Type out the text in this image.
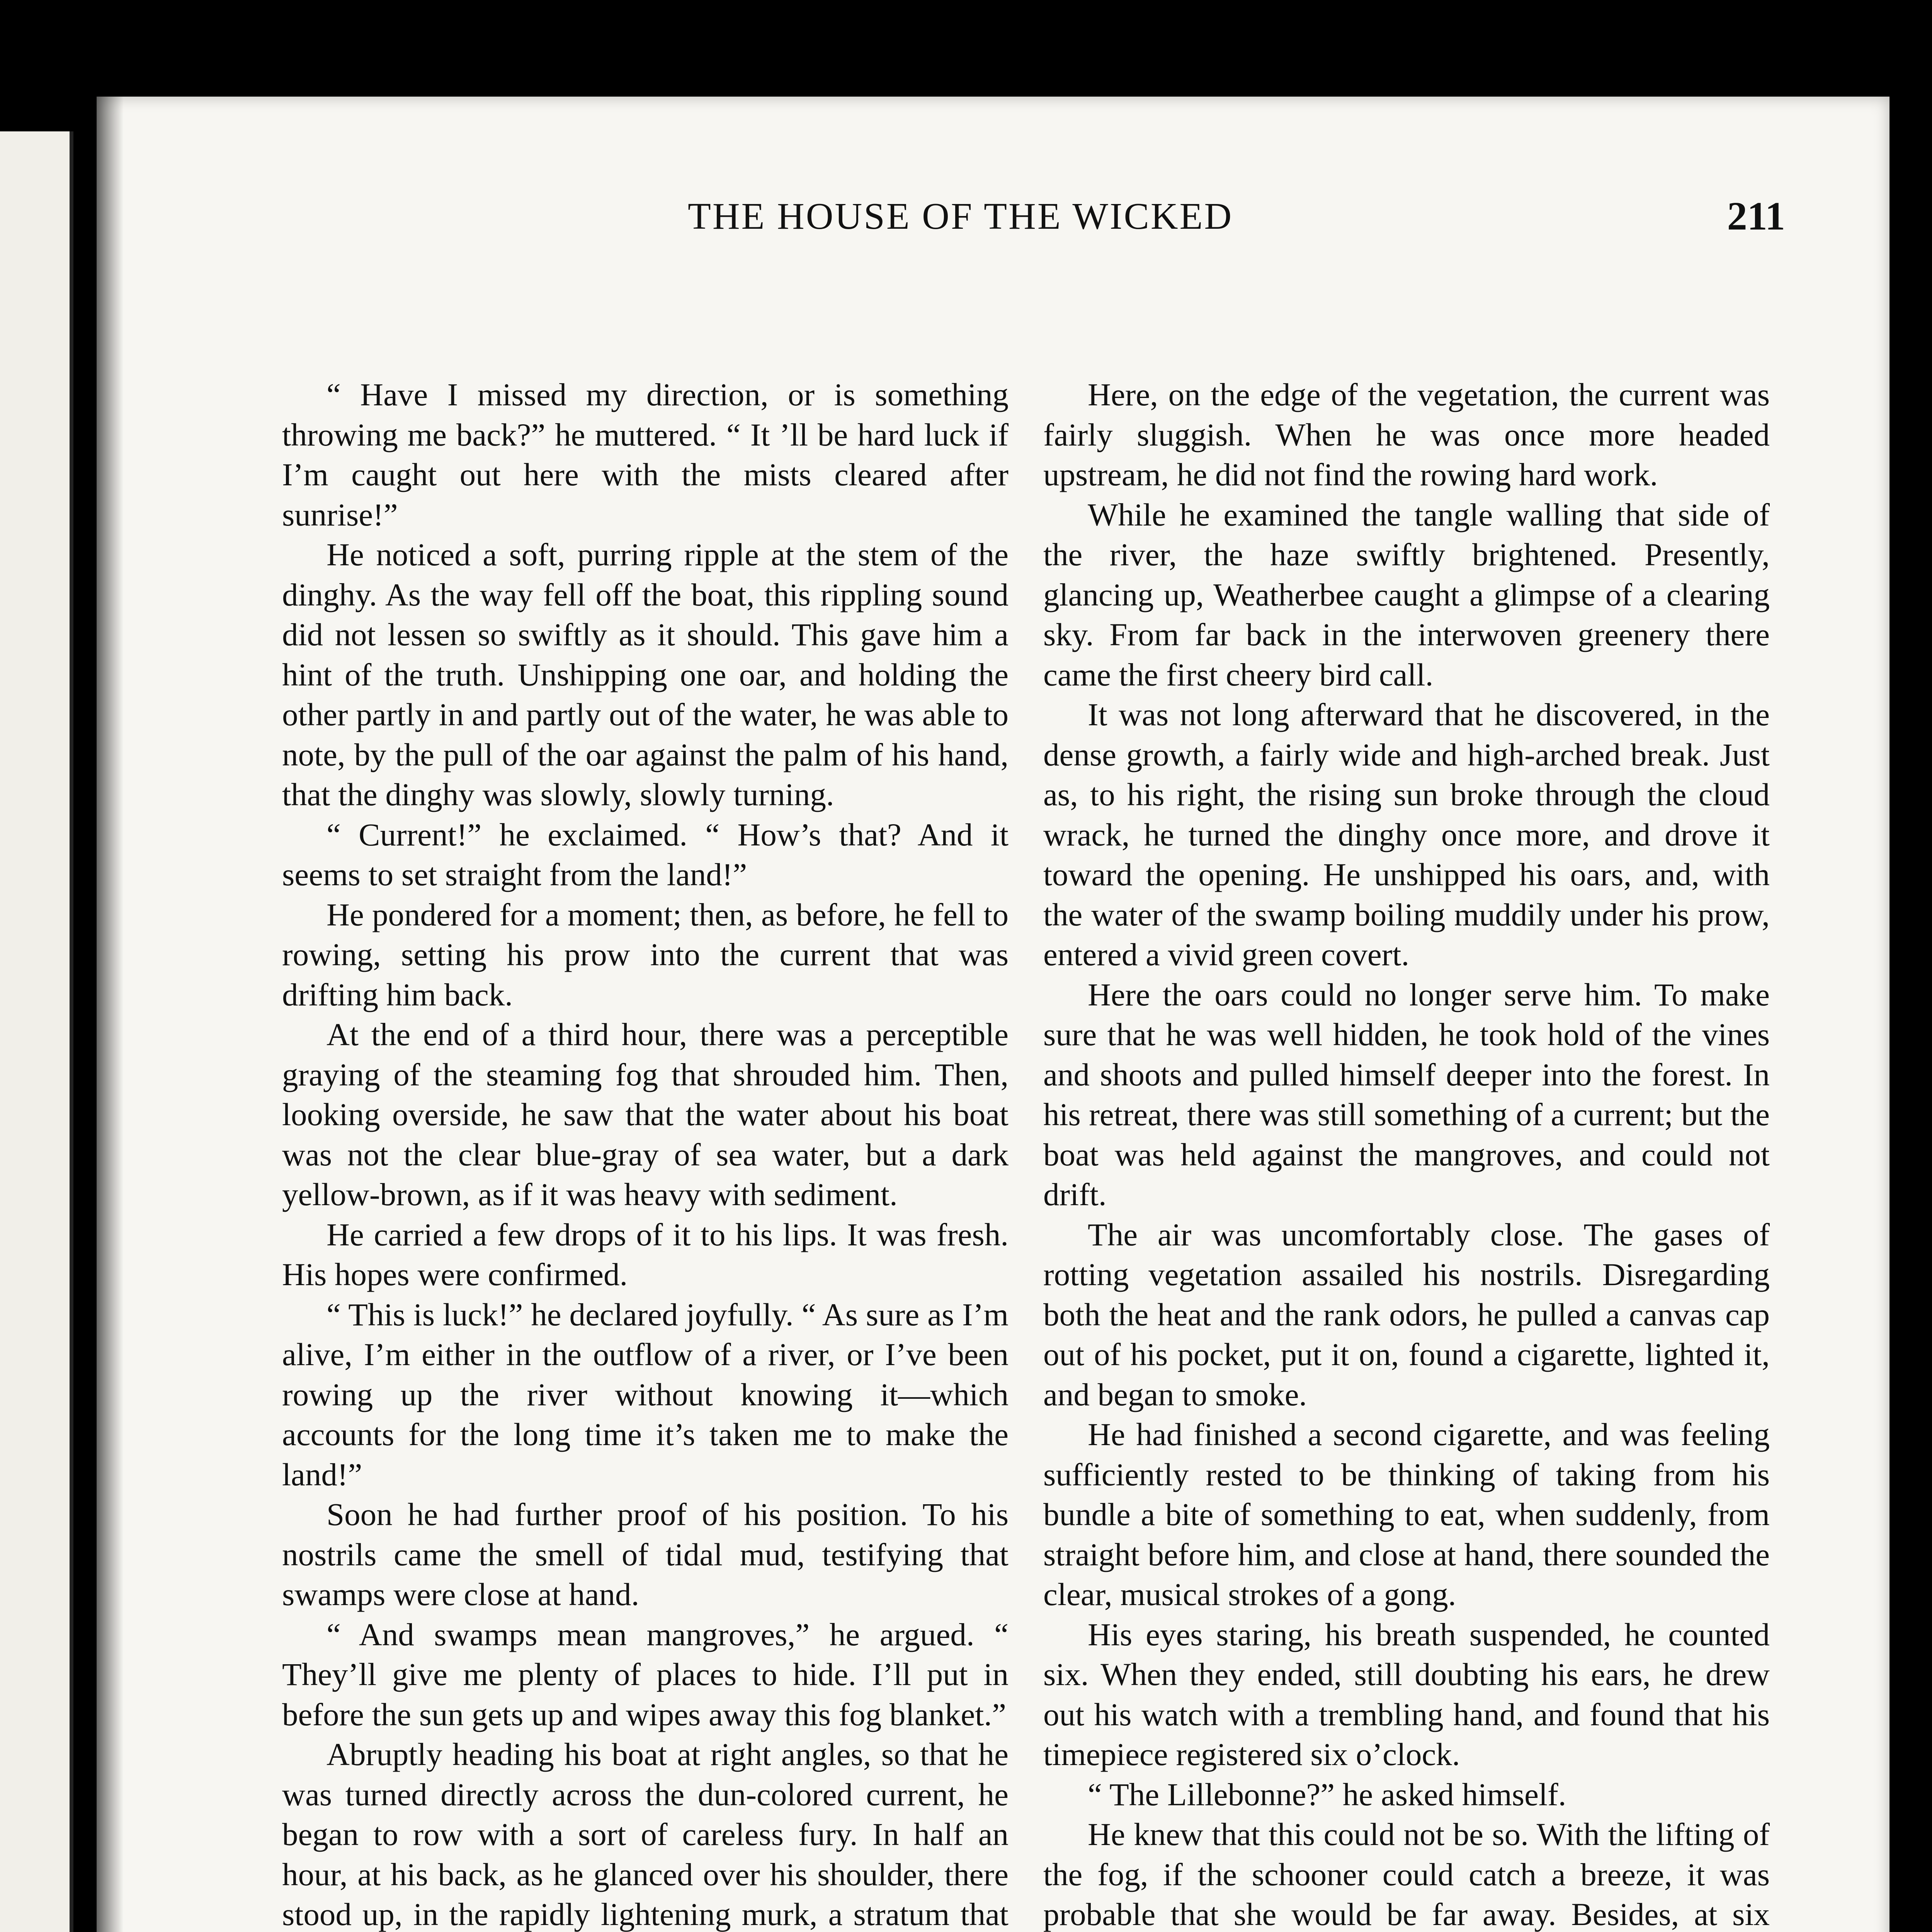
THE HOUSE OF THE WICKED	211

“ Have I missed my direction, or is something throwing me back?” he muttered. “ It ’ll be hard luck if I’m caught out here with the mists cleared after sunrise!”

He noticed a soft, purring ripple at the stem of the dinghy. As the way fell off the boat, this rippling sound did not lessen so swiftly as it should. This gave him a hint of the truth. Unshipping one oar, and holding the other partly in and partly out of the water, he was able to note, by the pull of the oar against the palm of his hand, that the dinghy was slowly, slowly turning.

“ Current!” he exclaimed. “ How’s that? And it seems to set straight from the land!”

He pondered for a moment; then, as before, he fell to rowing, setting his prow into the current that was drifting him back.

At the end of a third hour, there was a perceptible graying of the steaming fog that shrouded him. Then, looking overside, he saw that the water about his boat was not the clear blue-gray of sea water, but a dark yellow-brown, as if it was heavy with sediment.

He carried a few drops of it to his lips. It was fresh. His hopes were confirmed.

“ This is luck!” he declared joyfully. “ As sure as I’m alive, I’m either in the outflow of a river, or I’ve been rowing up the river without knowing it—which accounts for the long time it’s taken me to make the land!”

Soon he had further proof of his position. To his nostrils came the smell of tidal mud, testifying that swamps were close at hand.

“ And swamps mean mangroves,” he argued. “ They’ll give me plenty of places to hide. I’ll put in before the sun gets up and wipes away this fog blanket.”

Abruptly heading his boat at right angles, so that he was turned directly across the dun-colored current, he began to row with a sort of careless fury. In half an hour, at his back, as he glanced over his shoulder, there stood up, in the rapidly lightening murk, a stratum that

Here, on the edge of the vegetation, the current was fairly sluggish. When he was once more headed upstream, he did not find the rowing hard work.

While he examined the tangle walling that side of the river, the haze swiftly brightened. Presently, glancing up, Weatherbee caught a glimpse of a clearing sky. From far back in the interwoven greenery there came the first cheery bird call.

It was not long afterward that he discovered, in the dense growth, a fairly wide and high-arched break. Just as, to his right, the rising sun broke through the cloud wrack, he turned the dinghy once more, and drove it toward the opening. He unshipped his oars, and, with the water of the swamp boiling muddily under his prow, entered a vivid green covert.

Here the oars could no longer serve him. To make sure that he was well hidden, he took hold of the vines and shoots and pulled himself deeper into the forest. In his retreat, there was still something of a current; but the boat was held against the mangroves, and could not drift.

The air was uncomfortably close. The gases of rotting vegetation assailed his nostrils. Disregarding both the heat and the rank odors, he pulled a canvas cap out of his pocket, put it on, found a cigarette, lighted it, and began to smoke.

He had finished a second cigarette, and was feeling sufficiently rested to be thinking of taking from his bundle a bite of something to eat, when suddenly, from straight before him, and close at hand, there sounded the clear, musical strokes of a gong.

His eyes staring, his breath suspended, he counted six. When they ended, still doubting his ears, he drew out his watch with a trembling hand, and found that his timepiece registered six o’clock.

“ The Lillebonne?” he asked himself.

He knew that this could not be so. With the lifting of the fog, if the schooner could catch a breeze, it was probable that she would be far away. Besides, at six
